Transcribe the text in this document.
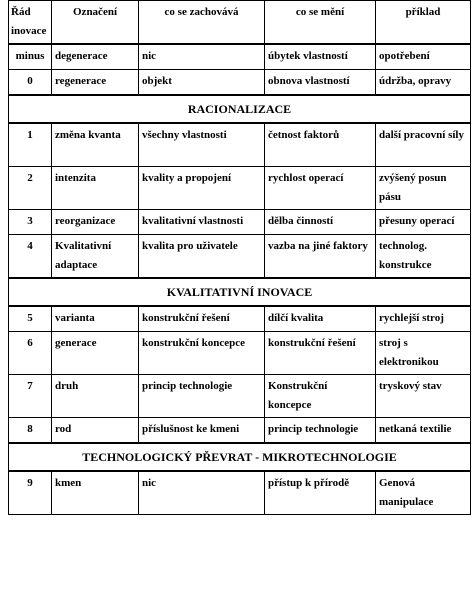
Řád inovace	Označení	co se zachovává	co se mění	příklad
minus	degenerace	nic	úbytek vlastností	opotřebení
0	regenerace	objekt	obnova vlastností	údržba, opravy
RACIONALIZACE				
1	změna kvanta	všechny vlastnosti	četnost faktorů	další pracovní síly
2	intenzita	kvality a propojení	rychlost operací	zvýšený posun pásu
3	reorganizace	kvalitativní vlastnosti	dělba činností	přesuny operací
4	Kvalitativní adaptace	kvalita pro uživatele	vazba na jiné faktory	technolog. konstrukce
KVALITATIVNÍ INOVACE				
5	varianta	konstrukční řešení	dílčí kvalita	rychlejší stroj
6	generace	konstrukční koncepce	konstrukční řešení	stroj s elektronikou
7	druh	princip technologie	Konstrukční koncepce	tryskový stav
8	rod	příslušnost ke kmeni	princip technologie	netkaná textilie
TECHNOLOGICKÝ PŘEVRAT - MIKROTECHNOLOGIE				
9	kmen	nic	přístup k přírodě	Genová manipulace
